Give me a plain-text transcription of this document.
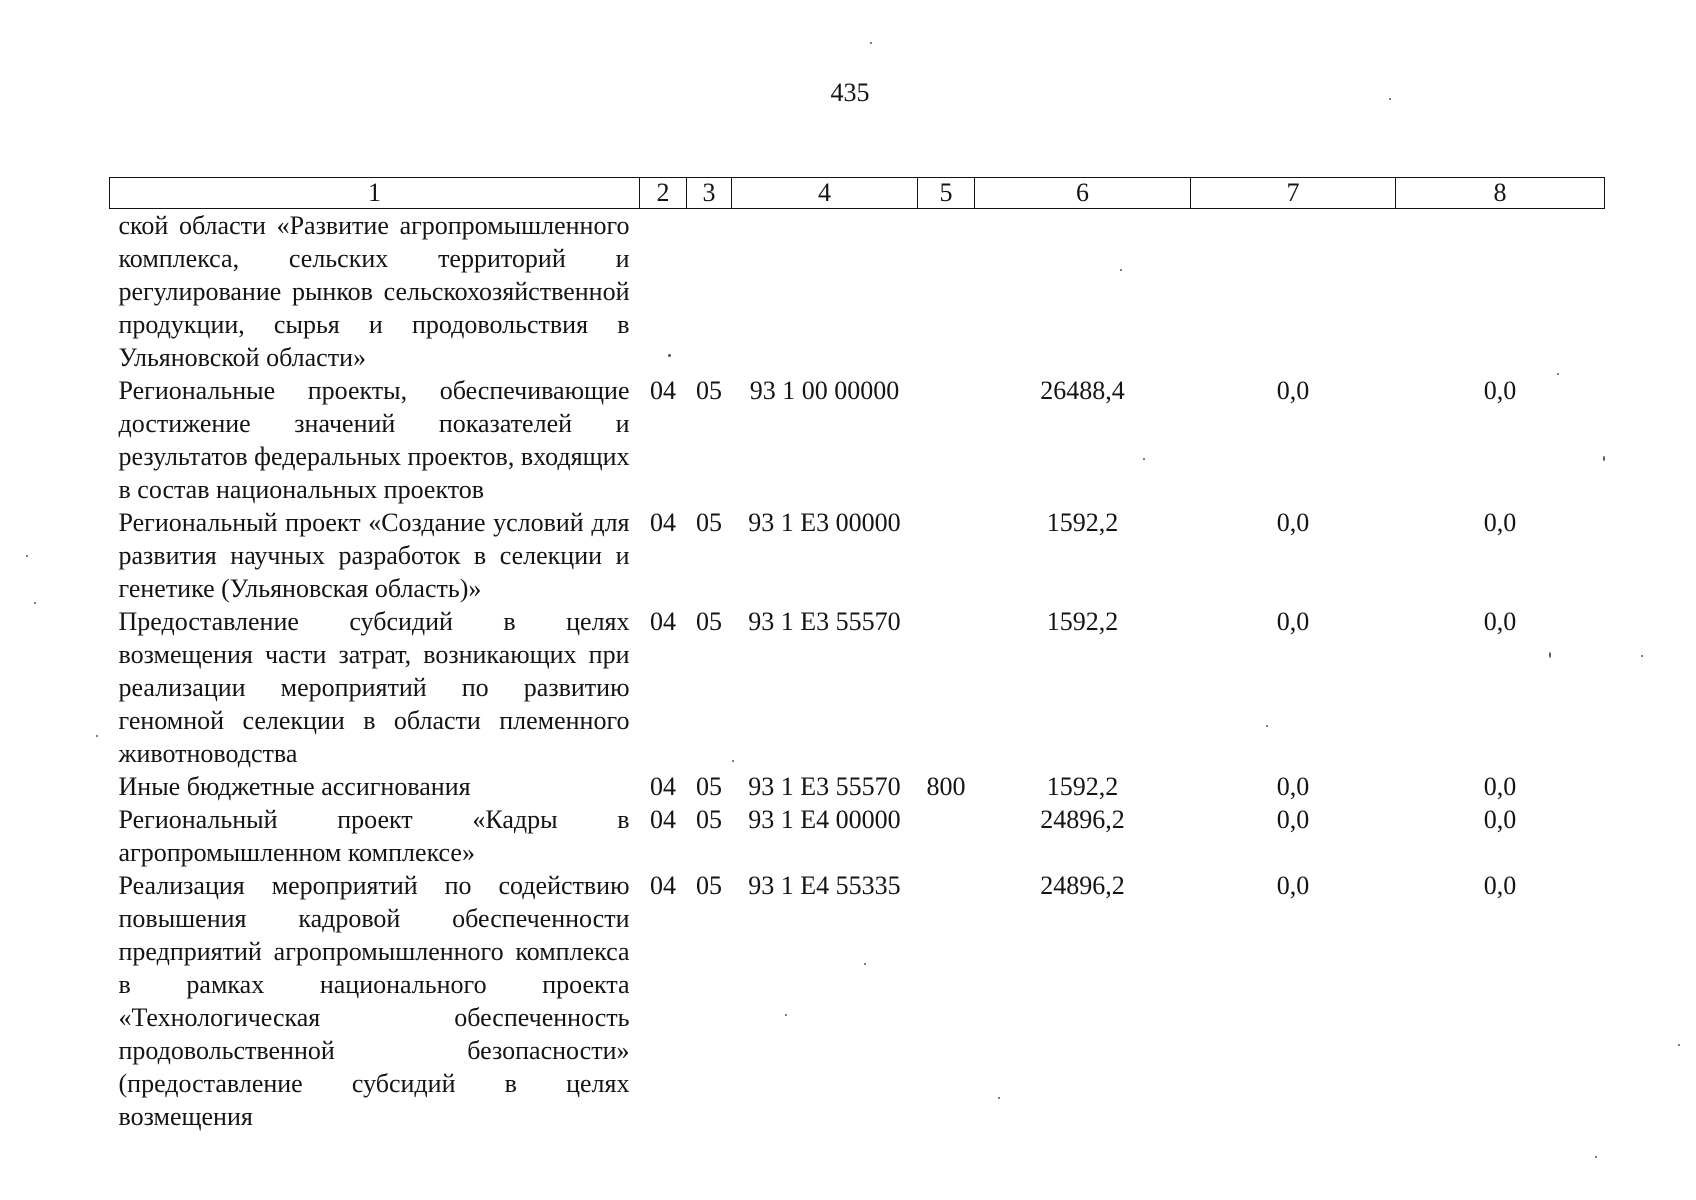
435
1	2	3	4	5	6	7	8
ской области «Развитие агропромышленного комплекса, сельских территорий и регулирование рынков сельскохозяйственной продукции, сырья и продовольствия в Ульяновской области»							
Региональные проекты, обеспечивающие достижение значений показателей и результатов федеральных проектов, входящих в состав национальных проектов	04	05	93 1 00 00000		26488,4	0,0	0,0
Региональный проект «Создание условий для развития научных разработок в селекции и генетике (Ульяновская область)»	04	05	93 1 Е3 00000		1592,2	0,0	0,0
Предоставление субсидий в целях возмещения части затрат, возникающих при реализации мероприятий по развитию геномной селекции в области племенного животноводства	04	05	93 1 Е3 55570		1592,2	0,0	0,0
Иные бюджетные ассигнования	04	05	93 1 Е3 55570	800	1592,2	0,0	0,0
Региональный проект «Кадры в агропромышленном комплексе»	04	05	93 1 Е4 00000		24896,2	0,0	0,0
Реализация мероприятий по содействию повышения кадровой обеспеченности предприятий агропромышленного комплекса в рамках национального проекта «Технологическая обеспеченность продовольственной безопасности» (предоставление субсидий в целях возмещения	04	05	93 1 Е4 55335		24896,2	0,0	0,0
